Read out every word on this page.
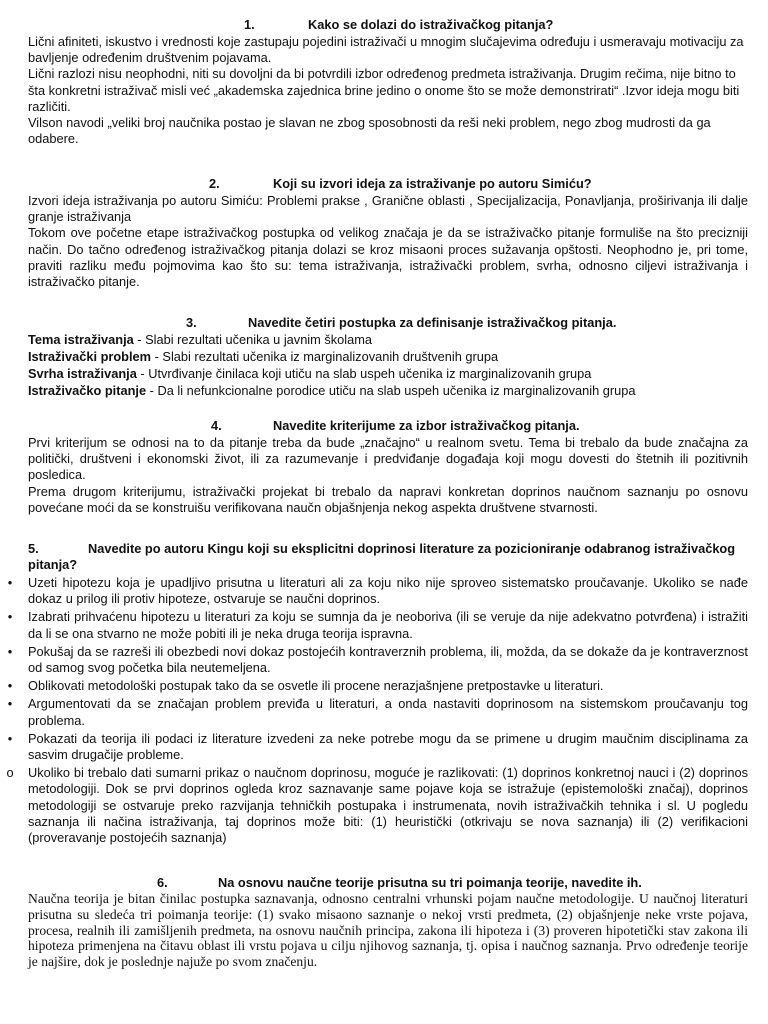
1.	Kako se dolazi do istraživačkog pitanja?
Lični afiniteti, iskustvo i vrednosti koje zastupaju pojedini istraživači u mnogim slučajevima određuju i usmeravaju motivaciju za bavljenje određenim društvenim pojavama.
Lični razlozi nisu neophodni, niti su dovoljni da bi potvrdili izbor određenog predmeta istraživanja. Drugim rečima, nije bitno to šta konkretni istraživač misli već „akademska zajednica brine jedino o onome što se može demonstrirati“ .Izvor ideja mogu biti različiti.
Vilson navodi „veliki broj naučnika postao je slavan ne zbog sposobnosti da reši neki problem, nego zbog mudrosti da ga odabere.
2.	Koji su izvori ideja za istraživanje po autoru Simiću?
Izvori ideja istraživanja po autoru Simiću: Problemi prakse , Granične oblasti , Specijalizacija, Ponavljanja, proširivanja ili dalje granje istraživanja
Tokom ove početne etape istraživačkog postupka od velikog značaja je da se istraživačko pitanje formuliše na što precizniji način. Do tačno određenog istraživačkog pitanja dolazi se kroz misaoni proces sužavanja opštosti. Neophodno je, pri tome, praviti razliku među pojmovima kao što su: tema istraživanja, istraživački problem, svrha, odnosno ciljevi istraživanja i istraživačko pitanje.
3.	Navedite četiri postupka za definisanje istraživačkog pitanja.
Tema istraživanja - Slabi rezultati učenika u javnim školama
Istraživački problem - Slabi rezultati učenika iz marginalizovanih društvenih grupa
Svrha istraživanja - Utvrđivanje činilaca koji utiču na slab uspeh učenika iz marginalizovanih grupa
Istraživačko pitanje - Da li nefunkcionalne porodice utiču na slab uspeh učenika iz marginalizovanih grupa
4.	Navedite kriterijume za izbor istraživačkog pitanja.
Prvi kriterijum se odnosi na to da pitanje treba da bude „značajno“ u realnom svetu. Tema bi trebalo da bude značajna za politički, društveni i ekonomski život, ili za razumevanje i predviđanje događaja koji mogu dovesti do štetnih ili pozitivnih posledica.
Prema drugom kriterijumu, istraživački projekat bi trebalo da napravi konkretan doprinos naučnom saznanju po osnovu povećane moći da se konstruišu verifikovana naučn objašnjenja nekog aspekta društvene stvarnosti.
5.	Navedite po autoru Kingu koji su eksplicitni doprinosi literature za pozicioniranje odabranog istraživačkog pitanja?
• Uzeti hipotezu koja je upadljivo prisutna u literaturi ali za koju niko nije sproveo sistematsko proučavanje. Ukoliko se nađe dokaz u prilog ili protiv hipoteze, ostvaruje se naučni doprinos.
• Izabrati prihvaćenu hipotezu u literaturi za koju se sumnja da je neoboriva (ili se veruje da nije adekvatno potvrđena) i istražiti da li se ona stvarno ne može pobiti ili je neka druga teorija ispravna.
• Pokušaj da se razreši ili obezbedi novi dokaz postojećih kontraverznih problema, ili, možda, da se dokaže da je kontraverznost od samog svog početka bila neutemeljena.
• Oblikovati metodološki postupak tako da se osvetle ili procene nerazjašnjene pretpostavke u literaturi.
• Argumentovati da se značajan problem previđa u literaturi, a onda nastaviti doprinosom na sistemskom proučavanju tog problema.
• Pokazati da teorija ili podaci iz literature izvedeni za neke potrebe mogu da se primene u drugim maučnim disciplinama za sasvim drugačije probleme.
o Ukoliko bi trebalo dati sumarni prikaz o naučnom doprinosu, moguće je razlikovati: (1) doprinos konkretnoj nauci i (2) doprinos metodologiji. Dok se prvi doprinos ogleda kroz saznavanje same pojave koja se istražuje (epistemološki značaj), doprinos metodologiji se ostvaruje preko razvijanja tehničkih postupaka i instrumenata, novih istraživačkih tehnika i sl. U pogledu saznanja ili načina istraživanja, taj doprinos može biti: (1) heuristički (otkrivaju se nova saznanja) ili (2) verifikacioni (proveravanje postojećih saznanja)
6.	Na osnovu naučne teorije prisutna su tri poimanja teorije, navedite ih.
Naučna teorija je bitan činilac postupka saznavanja, odnosno centralni vrhunski pojam naučne metodologije. U naučnoj literaturi prisutna su sledeća tri poimanja teorije: (1) svako misaono saznanje o nekoj vrsti predmeta, (2) objašnjenje neke vrste pojava, procesa, realnih ili zamišljenih predmeta, na osnovu naučnih principa, zakona ili hipoteza i (3) proveren hipotetički stav zakona ili hipoteza primenjena na čitavu oblast ili vrstu pojava u cilju njihovog saznanja, tj. opisa i naučnog saznanja. Prvo određenje teorije je najšire, dok je poslednje najuže po svom značenju.
